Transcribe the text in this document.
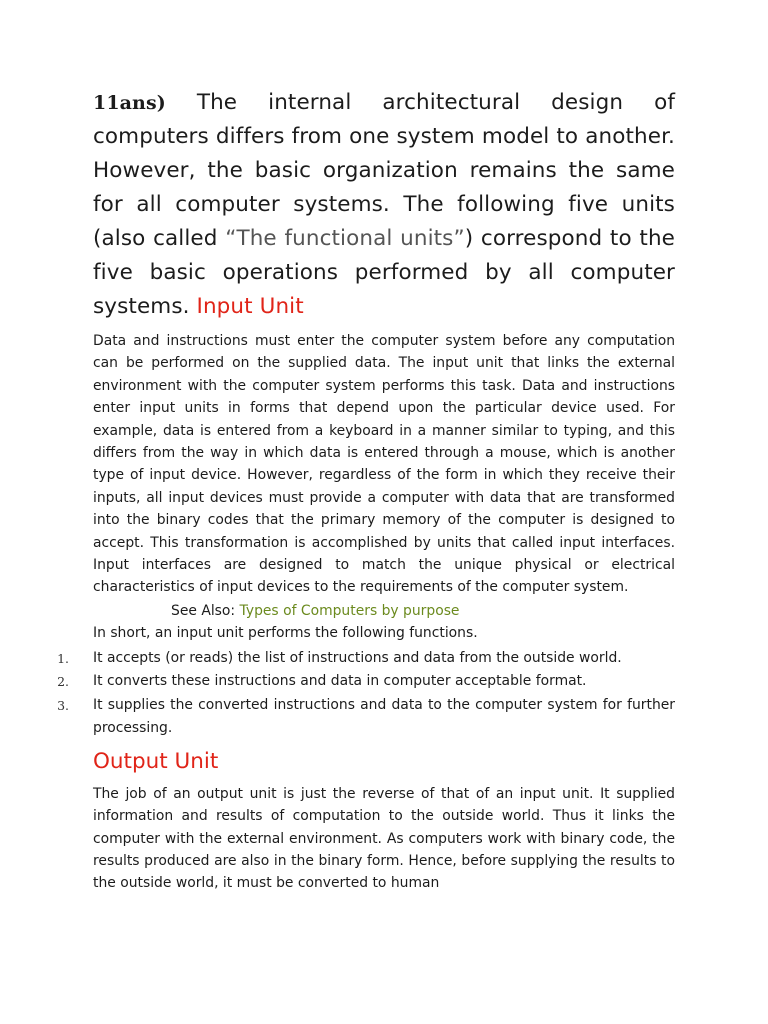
11ans) The internal architectural design of computers differs from one system model to another. However, the basic organization remains the same for all computer systems. The following five units (also called “The functional units”) correspond to the five basic operations performed by all computer systems. Input Unit

Data and instructions must enter the computer system before any computation can be performed on the supplied data. The input unit that links the external environment with the computer system performs this task. Data and instructions enter input units in forms that depend upon the particular device used. For example, data is entered from a keyboard in a manner similar to typing, and this differs from the way in which data is entered through a mouse, which is another type of input device. However, regardless of the form in which they receive their inputs, all input devices must provide a computer with data that are transformed into the binary codes that the primary memory of the computer is designed to accept. This transformation is accomplished by units that called input interfaces. Input interfaces are designed to match the unique physical or electrical characteristics of input devices to the requirements of the computer system.

See Also: Types of Computers by purpose

In short, an input unit performs the following functions.

1. It accepts (or reads) the list of instructions and data from the outside world.
2. It converts these instructions and data in computer acceptable format.
3. It supplies the converted instructions and data to the computer system for further processing.
Output Unit

The job of an output unit is just the reverse of that of an input unit. It supplied information and results of computation to the outside world. Thus it links the computer with the external environment. As computers work with binary code, the results produced are also in the binary form. Hence, before supplying the results to the outside world, it must be converted to human
